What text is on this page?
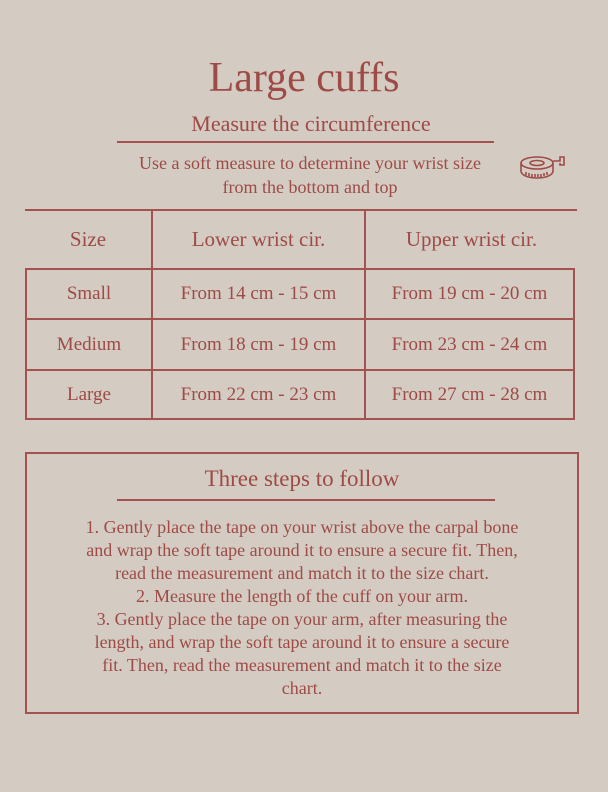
Large cuffs
Measure the circumference
Use a soft measure to determine your wrist size
from the bottom and top
Size	Lower wrist cir.	Upper wrist cir.
Small	From 14 cm - 15 cm	From 19 cm - 20 cm
Medium	From 18 cm - 19 cm	From 23 cm - 24 cm
Large	From 22 cm - 23 cm	From 27 cm - 28 cm
Three steps to follow
1. Gently place the tape on your wrist above the carpal bone
and wrap the soft tape around it to ensure a secure fit. Then,
read the measurement and match it to the size chart.
2. Measure the length of the cuff on your arm.
3. Gently place the tape on your arm, after measuring the
length, and wrap the soft tape around it to ensure a secure
fit. Then, read the measurement and match it to the size
chart.
